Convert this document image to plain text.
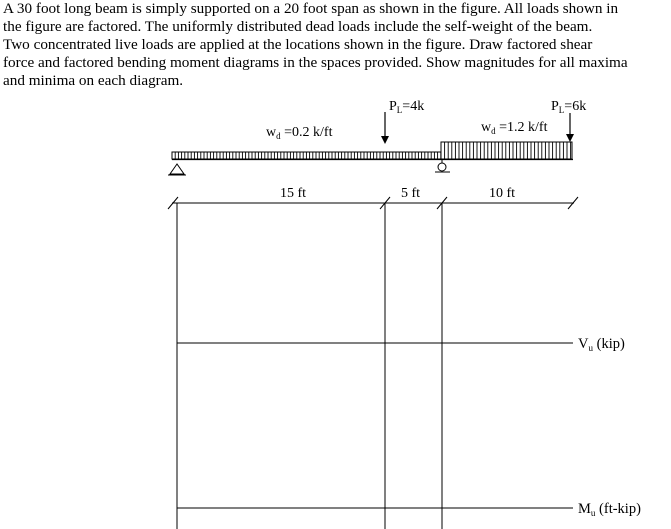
A 30 foot long beam is simply supported on a 20 foot span as shown in the figure. All loads shown in

the figure are factored. The uniformly distributed dead loads include the self-weight of the beam.

Two concentrated live loads are applied at the locations shown in the figure. Draw factored shear

force and factored bending moment diagrams in the spaces provided. Show magnitudes for all maxima

and minima on each diagram.

$P_L=4k$	$P_L=6k$
$w_d =0.2$ k/ft	$w_d =1.2$ k/ft
15 ft	5 ft	10 ft
$V_u$ (kip)
$M_u$ (ft-kip)
